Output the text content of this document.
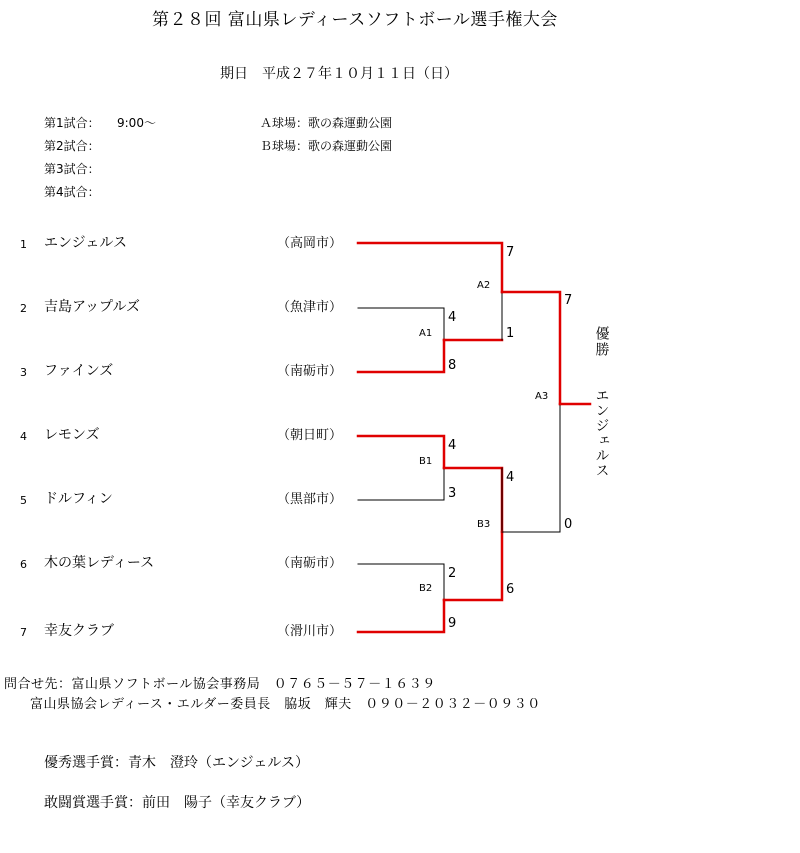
第２８回 富山県レディースソフトボール選手権大会
期日　平成２７年１０月１１日（日）
第1試合： 9:00～
第2試合：
第3試合：
第4試合：
Ａ球場：歌の森運動公園
Ｂ球場：歌の森運動公園
1 エンジェルス	（高岡市）
2 吉島アップルズ	（魚津市）
3 ファインズ	（南砺市）
4 レモンズ	（朝日町）
5 ドルフィン	（黒部市）
6 木の葉レディース	（南砺市）
7 幸友クラブ	（滑川市）
4
8
A1
7
1
A2
4
3
B1
2
9
B2
4
6
B3
7
0
A3
優勝
エンジェルス
問合せ先：富山県ソフトボール協会事務局　０７６５－５７－１６３９
富山県協会レディース・エルダー委員長　脇坂　輝夫　０９０－２０３２－０９３０
優秀選手賞：青木　澄玲（エンジェルス）
敢闘賞選手賞：前田　陽子（幸友クラブ）
